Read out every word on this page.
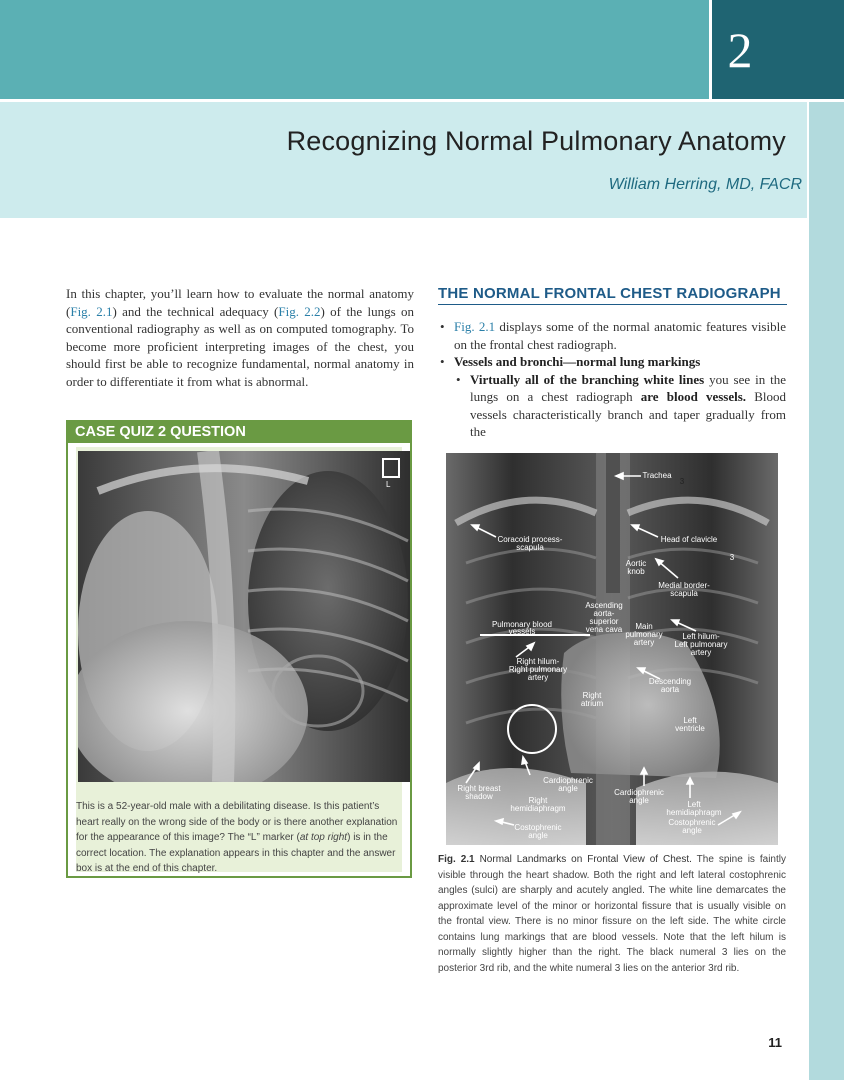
2
Recognizing Normal Pulmonary Anatomy
William Herring, MD, FACR
In this chapter, you’ll learn how to evaluate the normal anatomy (Fig. 2.1) and the technical adequacy (Fig. 2.2) of the lungs on conventional radiography as well as on computed tomography. To become more proficient interpreting images of the chest, you should first be able to recognize fundamental, normal anatomy in order to differentiate it from what is abnormal.
CASE QUIZ 2 QUESTION
L
This is a 52-year-old male with a debilitating disease. Is this patient’s heart really on the wrong side of the body or is there another explanation for the appearance of this image? The “L” marker (at top right) is in the correct location. The explanation appears in this chapter and the answer box is at the end of this chapter.
THE NORMAL FRONTAL CHEST RADIOGRAPH
• Fig. 2.1 displays some of the normal anatomic features visible on the frontal chest radiograph.
• Vessels and bronchi—normal lung markings
• Virtually all of the branching white lines you see in the lungs on a chest radiograph are blood vessels. Blood vessels characteristically branch and taper gradually from the
Trachea
3
3
Coracoid process-
scapula
Head of clavicle
Aortic
knob
Medial border-
scapula
Ascending
aorta-
superior
vena cava
Pulmonary blood
vessels
Main
pulmonary
artery
Left hilum-
Left pulmonary
artery
Right hilum-
Right pulmonary
artery	Descending
aorta
Right
atrium
Left
ventricle
Right breast
shadow
Cardiophrenic
angle	Cardiophrenic
angle
Right
hemidiaphragm	Left
hemidiaphragm
Costophrenic
angle
Costophrenic
angle
Fig. 2.1 Normal Landmarks on Frontal View of Chest. The spine is faintly visible through the heart shadow. Both the right and left lateral costophrenic angles (sulci) are sharply and acutely angled. The white line demarcates the approximate level of the minor or horizontal fissure that is usually visible on the frontal view. There is no minor fissure on the left side. The white circle contains lung markings that are blood vessels. Note that the left hilum is normally slightly higher than the right. The black numeral 3 lies on the posterior 3rd rib, and the white numeral 3 lies on the anterior 3rd rib.
11
